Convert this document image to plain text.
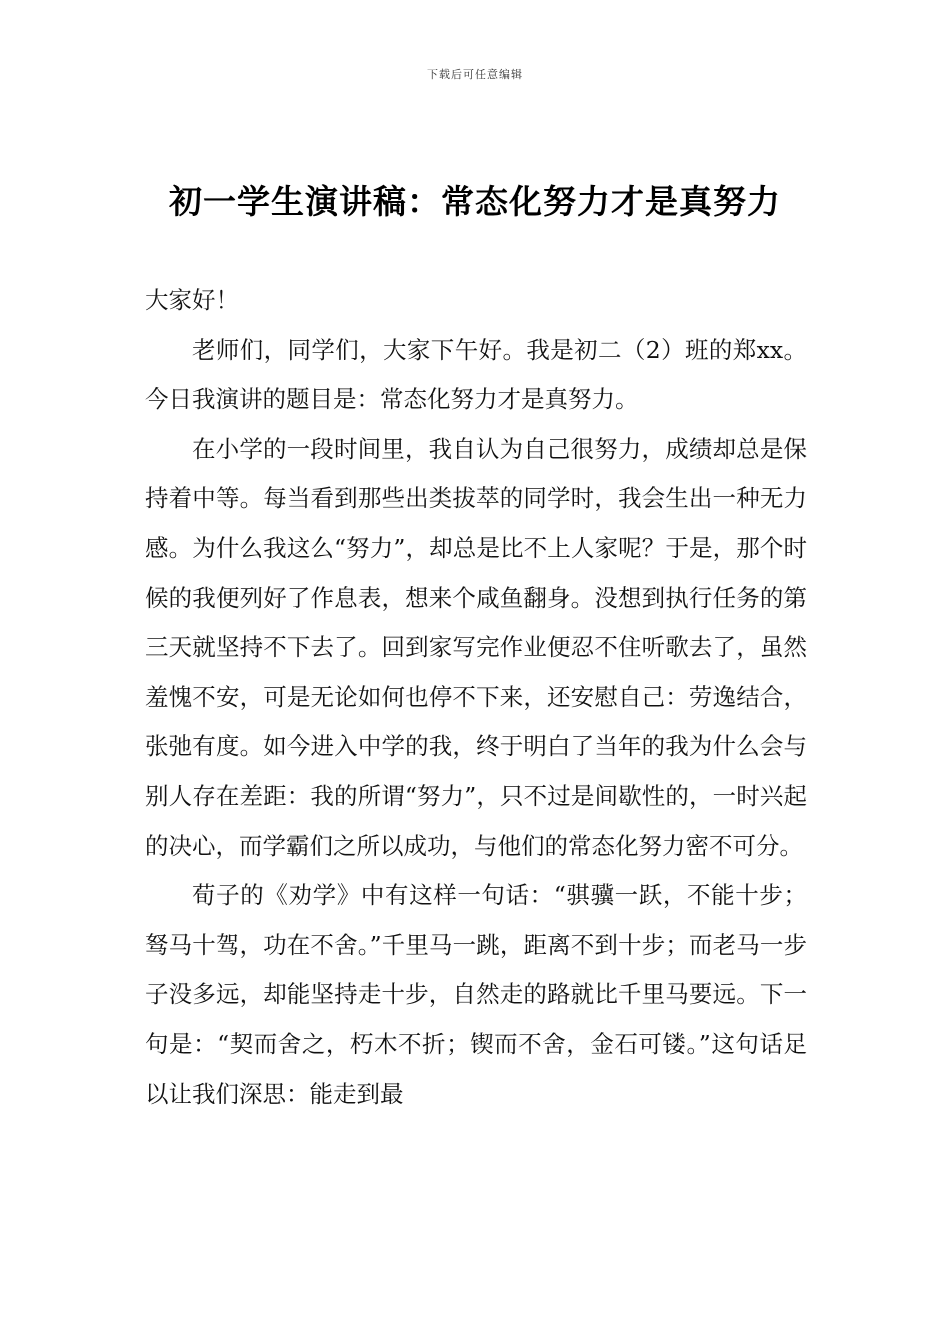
下载后可任意编辑
初一学生演讲稿：常态化努力才是真努力

大家好！

老师们，同学们，大家下午好。我是初二（2）班的郑xx。今日我演讲的题目是：常态化努力才是真努力。

在小学的一段时间里，我自认为自己很努力，成绩却总是保持着中等。每当看到那些出类拔萃的同学时，我会生出一种无力感。为什么我这么“努力”，却总是比不上人家呢？于是，那个时候的我便列好了作息表，想来个咸鱼翻身。没想到执行任务的第三天就坚持不下去了。回到家写完作业便忍不住听歌去了，虽然羞愧不安，可是无论如何也停不下来，还安慰自己：劳逸结合，张弛有度。如今进入中学的我，终于明白了当年的我为什么会与别人存在差距：我的所谓“努力”，只不过是间歇性的，一时兴起的决心，而学霸们之所以成功，与他们的常态化努力密不可分。

荀子的《劝学》中有这样一句话：“骐骥一跃，不能十步；驽马十驾，功在不舍。”千里马一跳，距离不到十步；而老马一步子没多远，却能坚持走十步，自然走的路就比千里马要远。下一句是：“契而舍之，朽木不折；锲而不舍，金石可镂。”这句话足以让我们深思：能走到最
